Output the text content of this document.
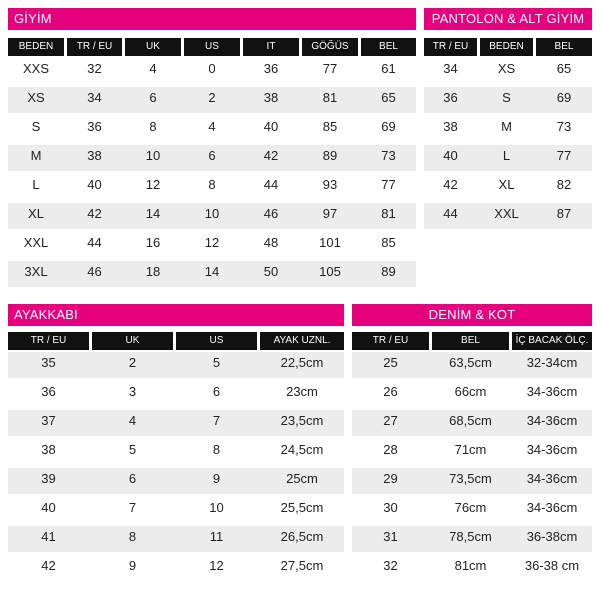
GİYİM
BEDEN	TR / EU	UK	US	IT	GÖĞÜS	BEL
XXS	32	4	0	36	77	61
XS	34	6	2	38	81	65
S	36	8	4	40	85	69
M	38	10	6	42	89	73
L	40	12	8	44	93	77
XL	42	14	10	46	97	81
XXL	44	16	12	48	101	85
3XL	46	18	14	50	105	89
PANTOLON & ALT GİYİM
TR / EU	BEDEN	BEL
34	XS	65
36	S	69
38	M	73
40	L	77
42	XL	82
44	XXL	87
AYAKKABI
TR / EU	UK	US	AYAK UZNL.
35	2	5	22,5cm
36	3	6	23cm
37	4	7	23,5cm
38	5	8	24,5cm
39	6	9	25cm
40	7	10	25,5cm
41	8	11	26,5cm
42	9	12	27,5cm
DENİM & KOT
TR / EU	BEL	İÇ BACAK ÖLÇ.
25	63,5cm	32-34cm
26	66cm	34-36cm
27	68,5cm	34-36cm
28	71cm	34-36cm
29	73,5cm	34-36cm
30	76cm	34-36cm
31	78,5cm	36-38cm
32	81cm	36-38 cm
